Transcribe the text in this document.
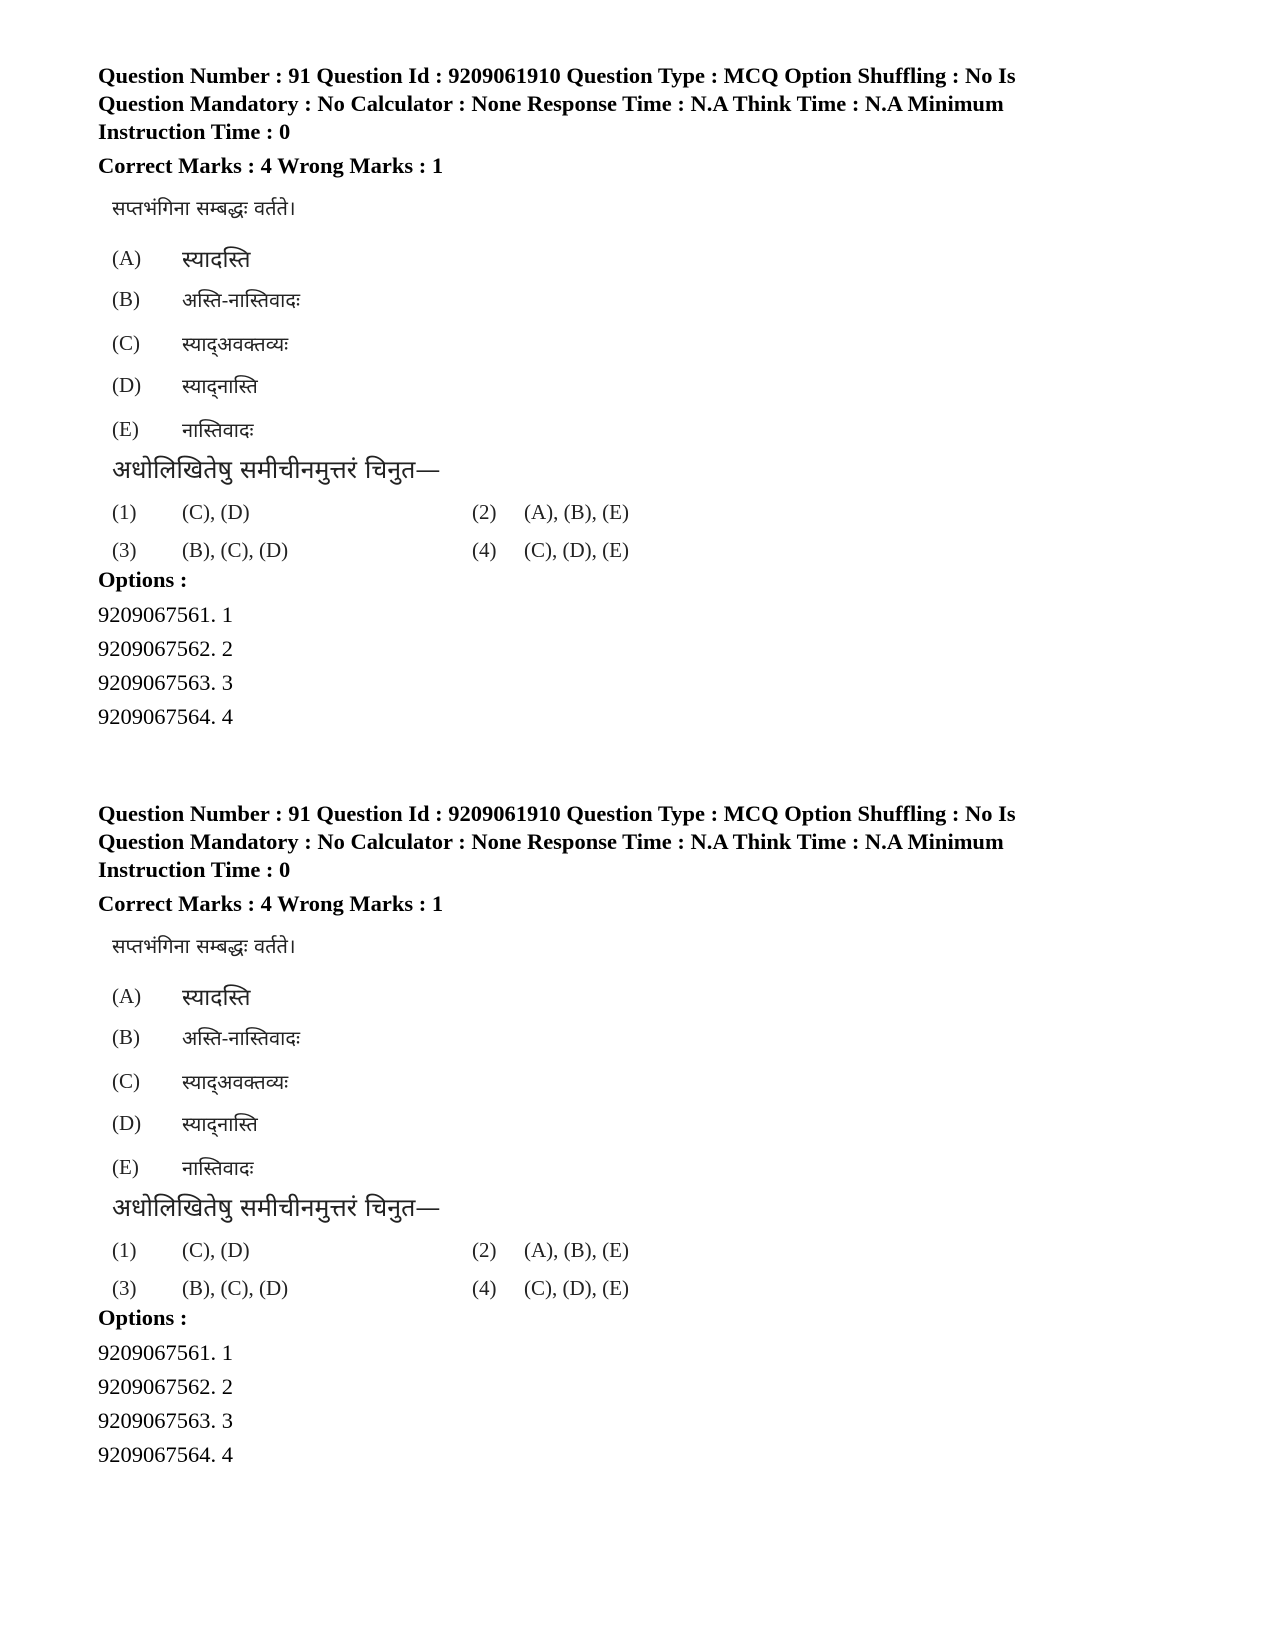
Question Number : 91 Question Id : 9209061910 Question Type : MCQ Option Shuffling : No Is
Question Mandatory : No Calculator : None Response Time : N.A Think Time : N.A Minimum
Instruction Time : 0
Correct Marks : 4 Wrong Marks : 1
सप्तभंगिना सम्बद्धः वर्तते।
(A)	स्यादस्ति
(B)	अस्ति-नास्तिवादः
(C)	स्याद्अवक्तव्यः
(D)	स्याद्नास्ति
(E)	नास्तिवादः
अधोलिखितेषु समीचीनमुत्तरं चिनुत—
(1)	(C), (D)	(2)	(A), (B), (E)
(3)	(B), (C), (D)	(4)	(C), (D), (E)
Options :
9209067561. 1
9209067562. 2
9209067563. 3
9209067564. 4
Question Number : 91 Question Id : 9209061910 Question Type : MCQ Option Shuffling : No Is
Question Mandatory : No Calculator : None Response Time : N.A Think Time : N.A Minimum
Instruction Time : 0
Correct Marks : 4 Wrong Marks : 1
सप्तभंगिना सम्बद्धः वर्तते।
(A)	स्यादस्ति
(B)	अस्ति-नास्तिवादः
(C)	स्याद्अवक्तव्यः
(D)	स्याद्नास्ति
(E)	नास्तिवादः
अधोलिखितेषु समीचीनमुत्तरं चिनुत—
(1)	(C), (D)	(2)	(A), (B), (E)
(3)	(B), (C), (D)	(4)	(C), (D), (E)
Options :
9209067561. 1
9209067562. 2
9209067563. 3
9209067564. 4
